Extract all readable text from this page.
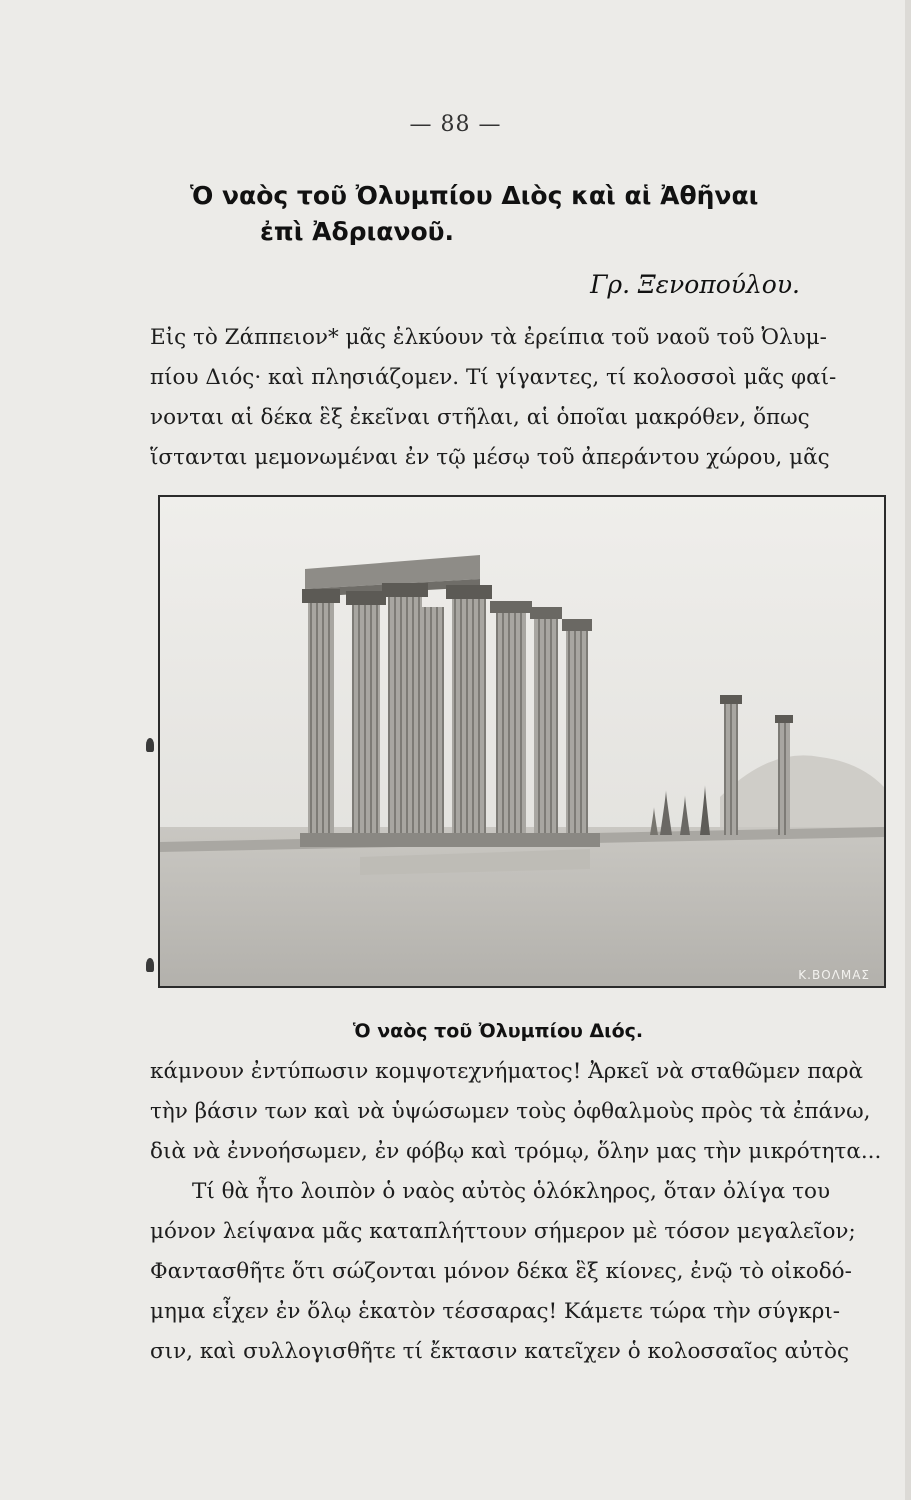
— 88 —
Ὁ ναὸς τοῦ Ὀλυμπίου Διὸς καὶ αἱ Ἀθῆναι
ἐπὶ Ἀδριανοῦ.
Γρ. Ξενοπούλου.
Εἰς τὸ Ζάππειον* μᾶς ἑλκύουν τὰ ἐρείπια τοῦ ναοῦ τοῦ Ὀλυμ-
πίου Διός· καὶ πλησιάζομεν. Τί γίγαντες, τί κολοσσοὶ μᾶς φαί-
νονται αἱ δέκα ἓξ ἐκεῖναι στῆλαι, αἱ ὁποῖαι μακρόθεν, ὅπως
ἵστανται μεμονωμέναι ἐν τῷ μέσῳ τοῦ ἀπεράντου χώρου, μᾶς
Κ.ΒΟΛΜΑΣ
Ὁ ναὸς τοῦ Ὀλυμπίου Διός.
κάμνουν ἐντύπωσιν κομψοτεχνήματος! Ἀρκεῖ νὰ σταθῶμεν παρὰ
τὴν βάσιν των καὶ νὰ ὑψώσωμεν τοὺς ὀφθαλμοὺς πρὸς τὰ ἐπάνω,
διὰ νὰ ἐννοήσωμεν, ἐν φόβῳ καὶ τρόμῳ, ὅλην μας τὴν μικρότητα...
Τί θὰ ἦτο λοιπὸν ὁ ναὸς αὐτὸς ὁλόκληρος, ὅταν ὀλίγα του
μόνον λείψανα μᾶς καταπλήττουν σήμερον μὲ τόσον μεγαλεῖον;
Φαντασθῆτε ὅτι σώζονται μόνον δέκα ἓξ κίονες, ἐνῷ τὸ οἰκοδό-
μημα εἶχεν ἐν ὅλῳ ἑκατὸν τέσσαρας! Κάμετε τώρα τὴν σύγκρι-
σιν, καὶ συλλογισθῆτε τί ἔκτασιν κατεῖχεν ὁ κολοσσαῖος αὐτὸς
